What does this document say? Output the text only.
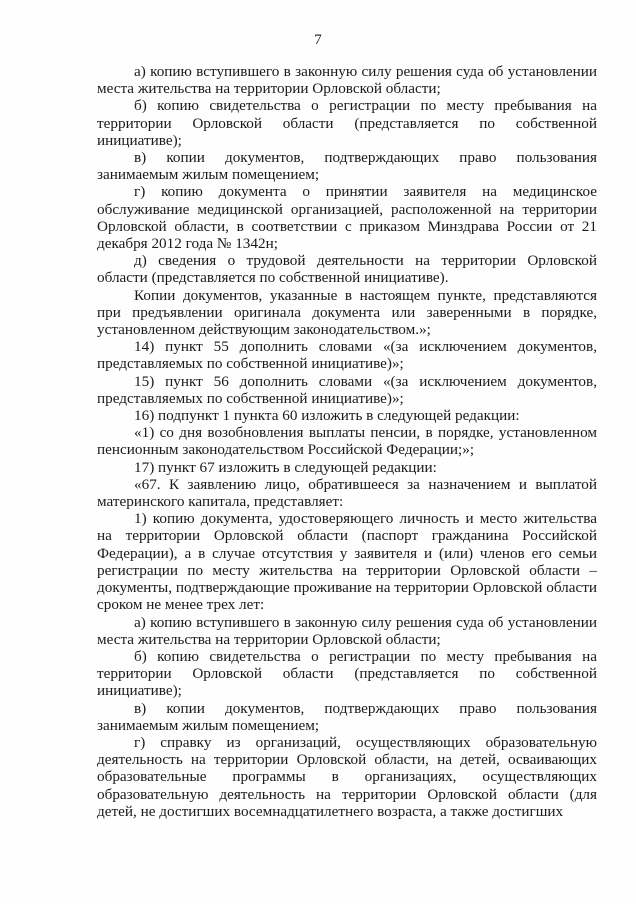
7

а) копию вступившего в законную силу решения суда об установлении места жительства на территории Орловской области;

б) копию свидетельства о регистрации по месту пребывания на территории Орловской области (представляется по собственной инициативе);

в) копии документов, подтверждающих право пользования занимаемым жилым помещением;

г) копию документа о принятии заявителя на медицинское обслуживание медицинской организацией, расположенной на территории Орловской области, в соответствии с приказом Минздрава России от 21 декабря 2012 года № 1342н;

д) сведения о трудовой деятельности на территории Орловской области (представляется по собственной инициативе).

Копии документов, указанные в настоящем пункте, представляются при предъявлении оригинала документа или заверенными в порядке, установленном действующим законодательством.»;

14) пункт 55 дополнить словами «(за исключением документов, представляемых по собственной инициативе)»;

15) пункт 56 дополнить словами «(за исключением документов, представляемых по собственной инициативе)»;

16) подпункт 1 пункта 60 изложить в следующей редакции:

«1) со дня возобновления выплаты пенсии, в порядке, установленном пенсионным законодательством Российской Федерации;»;

17) пункт 67 изложить в следующей редакции:

«67. К заявлению лицо, обратившееся за назначением и выплатой материнского капитала, представляет:

1) копию документа, удостоверяющего личность и место жительства на территории Орловской области (паспорт гражданина Российской Федерации), а в случае отсутствия у заявителя и (или) членов его семьи регистрации по месту жительства на территории Орловской области – документы, подтверждающие проживание на территории Орловской области сроком не менее трех лет:

а) копию вступившего в законную силу решения суда об установлении места жительства на территории Орловской области;

б) копию свидетельства о регистрации по месту пребывания на территории Орловской области (представляется по собственной инициативе);

в) копии документов, подтверждающих право пользования занимаемым жилым помещением;

г) справку из организаций, осуществляющих образовательную деятельность на территории Орловской области, на детей, осваивающих образовательные программы в организациях, осуществляющих образовательную деятельность на территории Орловской области (для детей, не достигших восемнадцатилетнего возраста, а также достигших
